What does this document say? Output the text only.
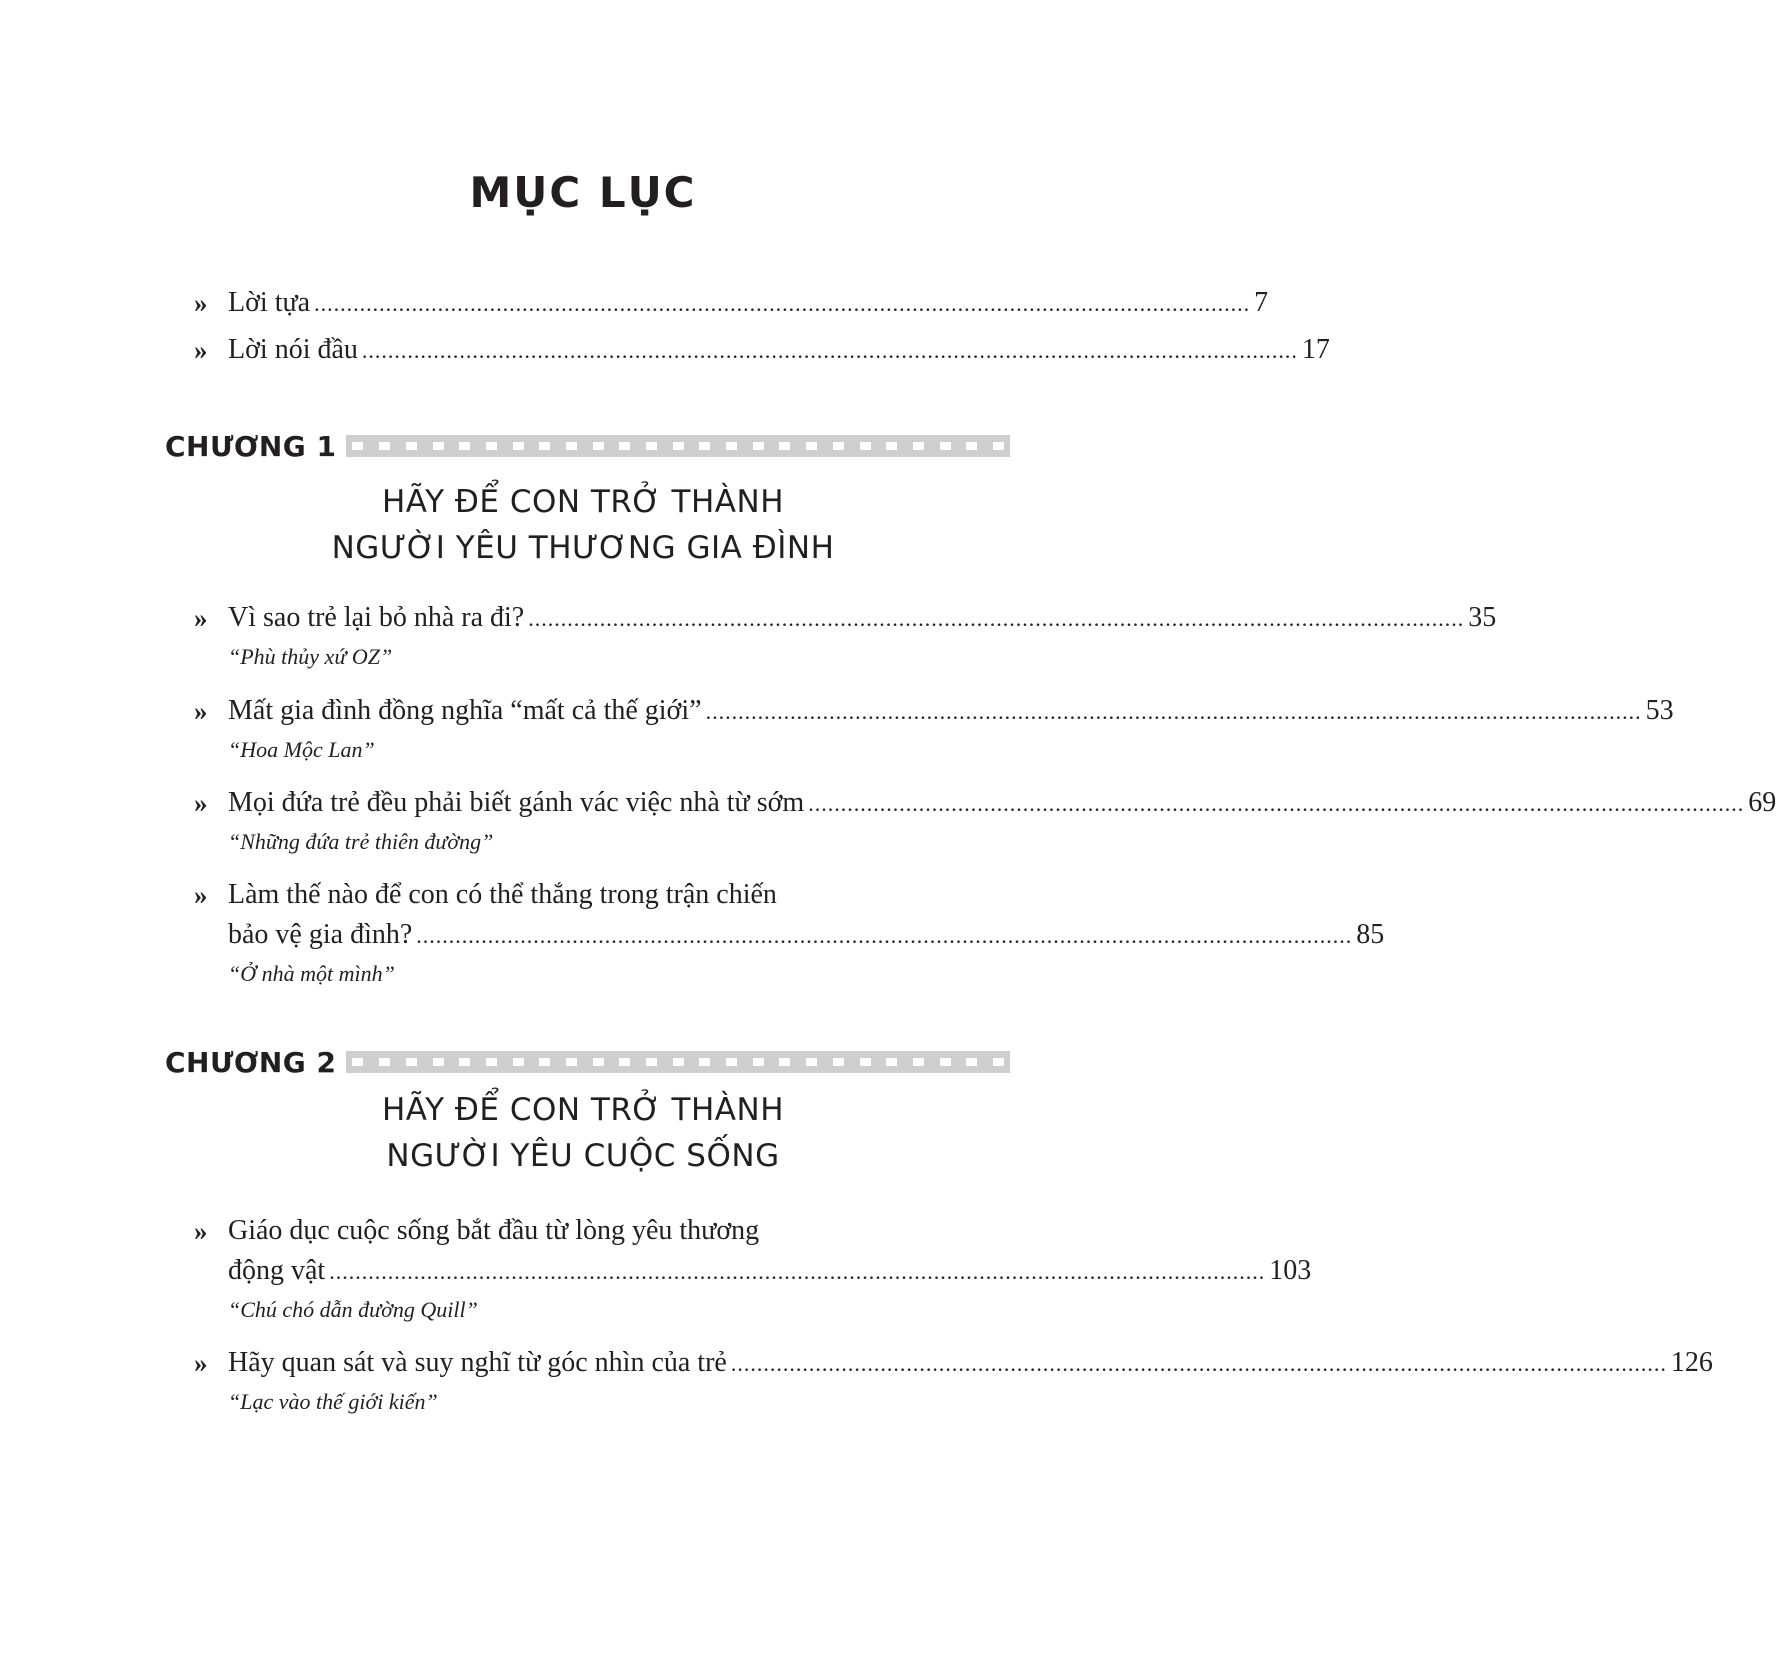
MỤC LỤC
» Lời tựa ................................................................................................................................................ 7
» Lời nói đầu ................................................................................................................................................ 17
CHƯƠNG 1
HÃY ĐỂ CON TRỞ THÀNH
NGƯỜI YÊU THƯƠNG GIA ĐÌNH
» Vì sao trẻ lại bỏ nhà ra đi? ................................................................................................................................................ 35
“Phù thủy xứ OZ”
» Mất gia đình đồng nghĩa “mất cả thế giới” ................................................................................................................................................ 53
“Hoa Mộc Lan”
» Mọi đứa trẻ đều phải biết gánh vác việc nhà từ sớm ................................................................................................................................................ 69
“Những đứa trẻ thiên đường”
» Làm thế nào để con có thể thắng trong trận chiến
bảo vệ gia đình? ................................................................................................................................................ 85
“Ở nhà một mình”
CHƯƠNG 2
HÃY ĐỂ CON TRỞ THÀNH
NGƯỜI YÊU CUỘC SỐNG
» Giáo dục cuộc sống bắt đầu từ lòng yêu thương
động vật ................................................................................................................................................ 103
“Chú chó dẫn đường Quill”
» Hãy quan sát và suy nghĩ từ góc nhìn của trẻ ................................................................................................................................................ 126
“Lạc vào thế giới kiến”
